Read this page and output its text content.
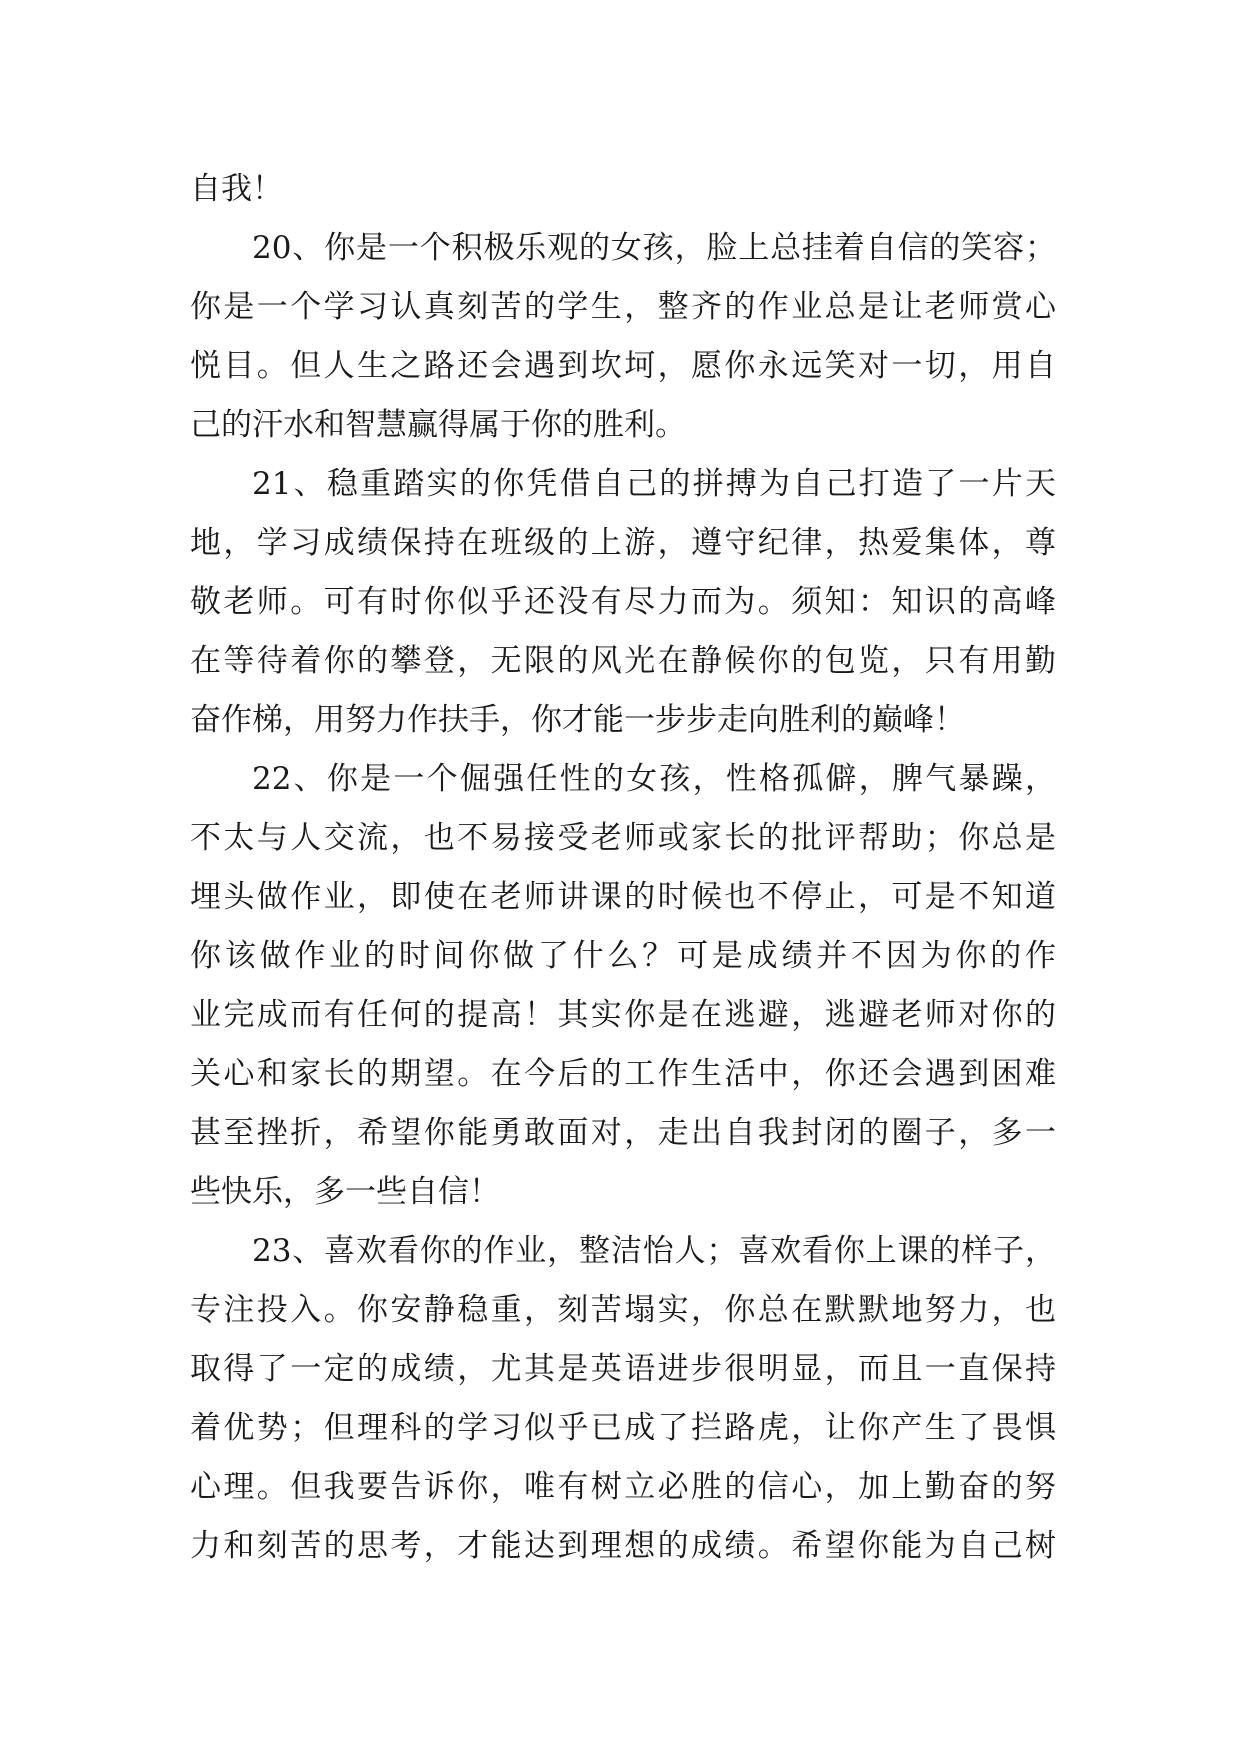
自我！
20、你是一个积极乐观的女孩，脸上总挂着自信的笑容；
你是一个学习认真刻苦的学生，整齐的作业总是让老师赏心
悦目。但人生之路还会遇到坎坷，愿你永远笑对一切，用自
己的汗水和智慧赢得属于你的胜利。
21、稳重踏实的你凭借自己的拼搏为自己打造了一片天
地，学习成绩保持在班级的上游，遵守纪律，热爱集体，尊
敬老师。可有时你似乎还没有尽力而为。须知：知识的高峰
在等待着你的攀登，无限的风光在静候你的包览，只有用勤
奋作梯，用努力作扶手，你才能一步步走向胜利的巅峰！
22、你是一个倔强任性的女孩，性格孤僻，脾气暴躁，
不太与人交流，也不易接受老师或家长的批评帮助；你总是
埋头做作业，即使在老师讲课的时候也不停止，可是不知道
你该做作业的时间你做了什么？可是成绩并不因为你的作
业完成而有任何的提高！其实你是在逃避，逃避老师对你的
关心和家长的期望。在今后的工作生活中，你还会遇到困难
甚至挫折，希望你能勇敢面对，走出自我封闭的圈子，多一
些快乐，多一些自信！
23、喜欢看你的作业，整洁怡人；喜欢看你上课的样子，
专注投入。你安静稳重，刻苦塌实，你总在默默地努力，也
取得了一定的成绩，尤其是英语进步很明显，而且一直保持
着优势；但理科的学习似乎已成了拦路虎，让你产生了畏惧
心理。但我要告诉你，唯有树立必胜的信心，加上勤奋的努
力和刻苦的思考，才能达到理想的成绩。希望你能为自己树
